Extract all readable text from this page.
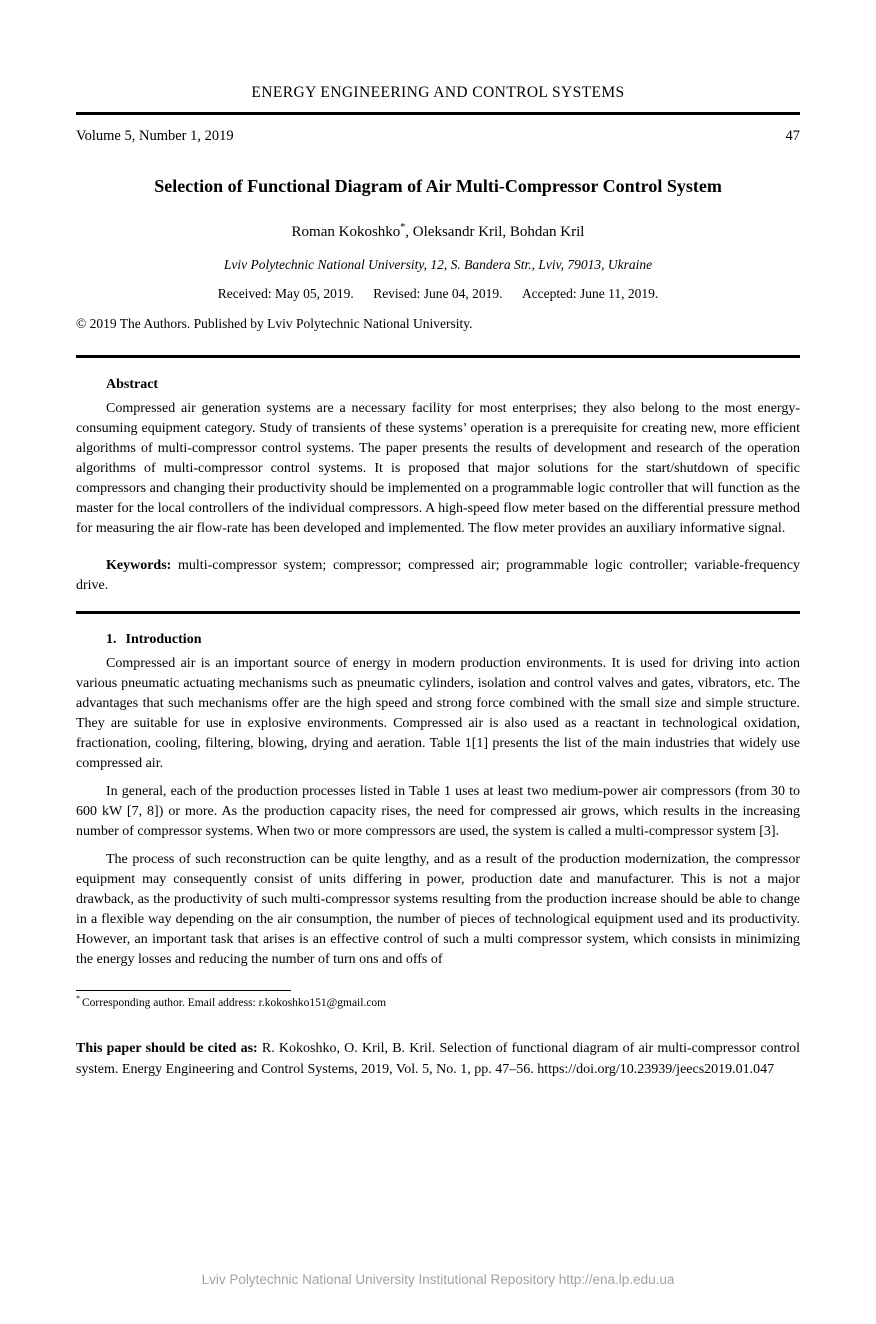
ENERGY ENGINEERING AND CONTROL SYSTEMS
Volume 5, Number 1, 2019	47
Selection of Functional Diagram of Air Multi-Compressor Control System
Roman Kokoshko*, Oleksandr Kril, Bohdan Kril
Lviv Polytechnic National University, 12, S. Bandera Str., Lviv, 79013, Ukraine
Received: May 05, 2019. Revised: June 04, 2019. Accepted: June 11, 2019.
© 2019 The Authors. Published by Lviv Polytechnic National University.
Abstract

Compressed air generation systems are a necessary facility for most enterprises; they also belong to the most energy-consuming equipment category. Study of transients of these systems’ operation is a prerequisite for creating new, more efficient algorithms of multi-compressor control systems. The paper presents the results of development and research of the operation algorithms of multi-compressor control systems. It is proposed that major solutions for the start/shutdown of specific compressors and changing their productivity should be implemented on a programmable logic controller that will function as the master for the local controllers of the individual compressors. A high-speed flow meter based on the differential pressure method for measuring the air flow-rate has been developed and implemented. The flow meter provides an auxiliary informative signal.

Keywords: multi-compressor system; compressor; compressed air; programmable logic controller; variable-frequency drive.

1. Introduction

Compressed air is an important source of energy in modern production environments. It is used for driving into action various pneumatic actuating mechanisms such as pneumatic cylinders, isolation and control valves and gates, vibrators, etc. The advantages that such mechanisms offer are the high speed and strong force combined with the small size and simple structure. They are suitable for use in explosive environments. Compressed air is also used as a reactant in technological oxidation, fractionation, cooling, filtering, blowing, drying and aeration. Table 1[1] presents the list of the main industries that widely use compressed air.

In general, each of the production processes listed in Table 1 uses at least two medium-power air compressors (from 30 to 600 kW [7, 8]) or more. As the production capacity rises, the need for compressed air grows, which results in the increasing number of compressor systems. When two or more compressors are used, the system is called a multi-compressor system [3].

The process of such reconstruction can be quite lengthy, and as a result of the production modernization, the compressor equipment may consequently consist of units differing in power, production date and manufacturer. This is not a major drawback, as the productivity of such multi-compressor systems resulting from the production increase should be able to change in a flexible way depending on the air consumption, the number of pieces of technological equipment used and its productivity. However, an important task that arises is an effective control of such a multi compressor system, which consists in minimizing the energy losses and reducing the number of turn ons and offs of

* Corresponding author. Email address: r.kokoshko151@gmail.com

This paper should be cited as: R. Kokoshko, O. Kril, B. Kril. Selection of functional diagram of air multi-compressor control system. Energy Engineering and Control Systems, 2019, Vol. 5, No. 1, pp. 47–56. https://doi.org/10.23939/jeecs2019.01.047

Lviv Polytechnic National University Institutional Repository http://ena.lp.edu.ua
